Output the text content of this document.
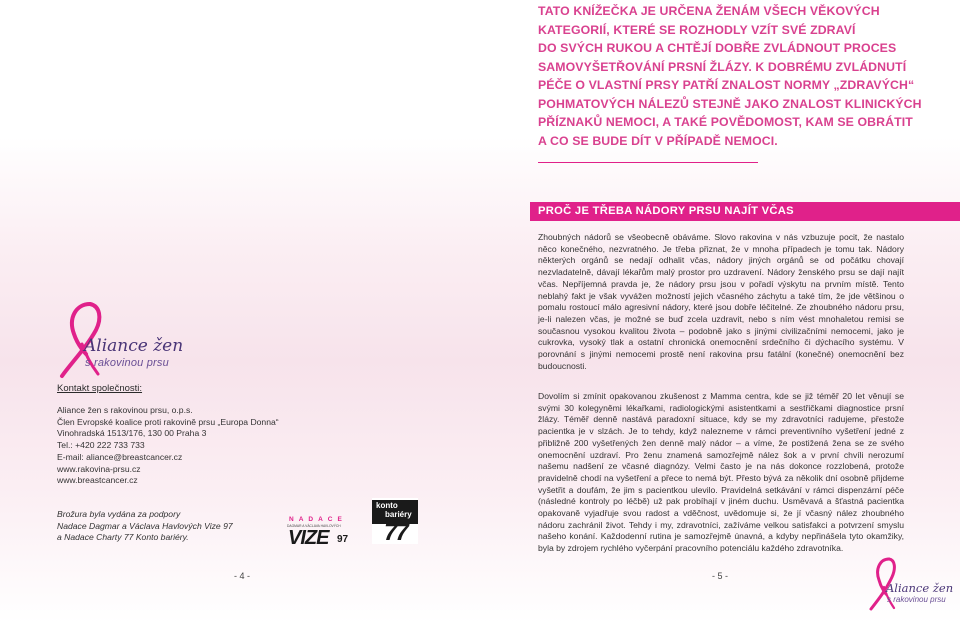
Aliance žen
s rakovinou prsu
Kontakt společnosti:
Aliance žen s rakovinou prsu, o.p.s.
Člen Evropské koalice proti rakovině prsu „Europa Donna“
Vinohradská 1513/176, 130 00 Praha 3
Tel.: +420 222 733 733
E-mail: aliance@breastcancer.cz
www.rakovina-prsu.cz
www.breastcancer.cz
Brožura byla vydána za podpory
Nadace Dagmar a Václava Havlových Vize 97
a Nadace Charty 77 Konto bariéry.
NADACE
DAGMAR A VÁCLAVA HAVLOVÝCH
VIZE 97
konto
bariéry
77
- 4 -
TATO KNÍŽEČKA JE URČENA ŽENÁM VŠECH VĚKOVÝCH
KATEGORIÍ, KTERÉ SE ROZHODLY VZÍT SVÉ ZDRAVÍ
DO SVÝCH RUKOU A CHTĚJÍ DOBŘE ZVLÁDNOUT PROCES
SAMOVYŠETŘOVÁNÍ PRSNÍ ŽLÁZY. K DOBRÉMU ZVLÁDNUTÍ
PÉČE O VLASTNÍ PRSY PATŘÍ ZNALOST NORMY „ZDRAVÝCH“
POHMATOVÝCH NÁLEZŮ STEJNĚ JAKO ZNALOST KLINICKÝCH
PŘÍZNAKŮ NEMOCI, A TAKÉ POVĚDOMOST, KAM SE OBRÁTIT
A CO SE BUDE DÍT V PŘÍPADĚ NEMOCI.
PROČ JE TŘEBA NÁDORY PRSU NAJÍT VČAS
Zhoubných nádorů se všeobecně obáváme. Slovo rakovina v nás vzbuzuje pocit, že nastalo něco konečného, nezvratného. Je třeba přiznat, že v mnoha případech je tomu tak. Nádory některých orgánů se nedají odhalit včas, nádory jiných orgánů se od počátku chovají nezvladatelně, dávají lékařům malý prostor pro uzdravení. Nádory ženského prsu se dají najít včas. Nepříjemná pravda je, že nádory prsu jsou v pořadí výskytu na prvním místě. Tento neblahý fakt je však vyvážen možností jejich včasného záchytu a také tím, že jde většinou o pomalu rostoucí málo agresivní nádory, které jsou dobře léčitelné. Ze zhoubného nádoru prsu, je-li nalezen včas, je možné se buď zcela uzdravit, nebo s ním vést mnohaletou remisi se současnou vysokou kvalitou života – podobně jako s jinými civilizačními nemocemi, jako je cukrovka, vysoký tlak a ostatní chronická onemocnění srdečního či dýchacího systému. V porovnání s jinými nemocemi prostě není rakovina prsu fatální (konečné) onemocnění bez budoucnosti.
Dovolím si zmínit opakovanou zkušenost z Mamma centra, kde se již téměř 20 let věnují se svými 30 kolegyněmi lékařkami, radiologickými asistentkami a sestřičkami diagnostice prsní žlázy. Téměř denně nastává paradoxní situace, kdy se my zdravotníci radujeme, přestože pacientka je v slzách. Je to tehdy, když nalezneme v rámci preventivního vyšetření jedné z přibližně 200 vyšetřených žen denně malý nádor – a víme, že postižená žena se ze svého onemocnění uzdraví. Pro ženu znamená samozřejmě nález šok a v první chvíli nerozumí našemu nadšení ze včasné diagnózy. Velmi často je na nás dokonce rozzlobená, protože pravidelně chodí na vyšetření a přece to nemá být. Přesto bývá za několik dní osobně přijdeme vyšetřit a doufám, že jim s pacientkou ulevilo. Pravidelná setkávání v rámci dispenzární péče (následné kontroly po léčbě) už pak probíhají v jiném duchu. Usměvavá a šťastná pacientka opakovaně vyjadřuje svou radost a vděčnost, uvědomuje si, že jí včasný nález zhoubného nádoru zachránil život. Tehdy i my, zdravotníci, zažíváme velkou satisfakci a potvrzení smyslu našeho konání. Každodenní rutina je samozřejmě únavná, a kdyby nepřinášela tyto okamžiky, byla by zdrojem rychlého vyčerpání pracovního potenciálu každého zdravotníka.
- 5 -
Aliance žen
s rakovinou prsu
